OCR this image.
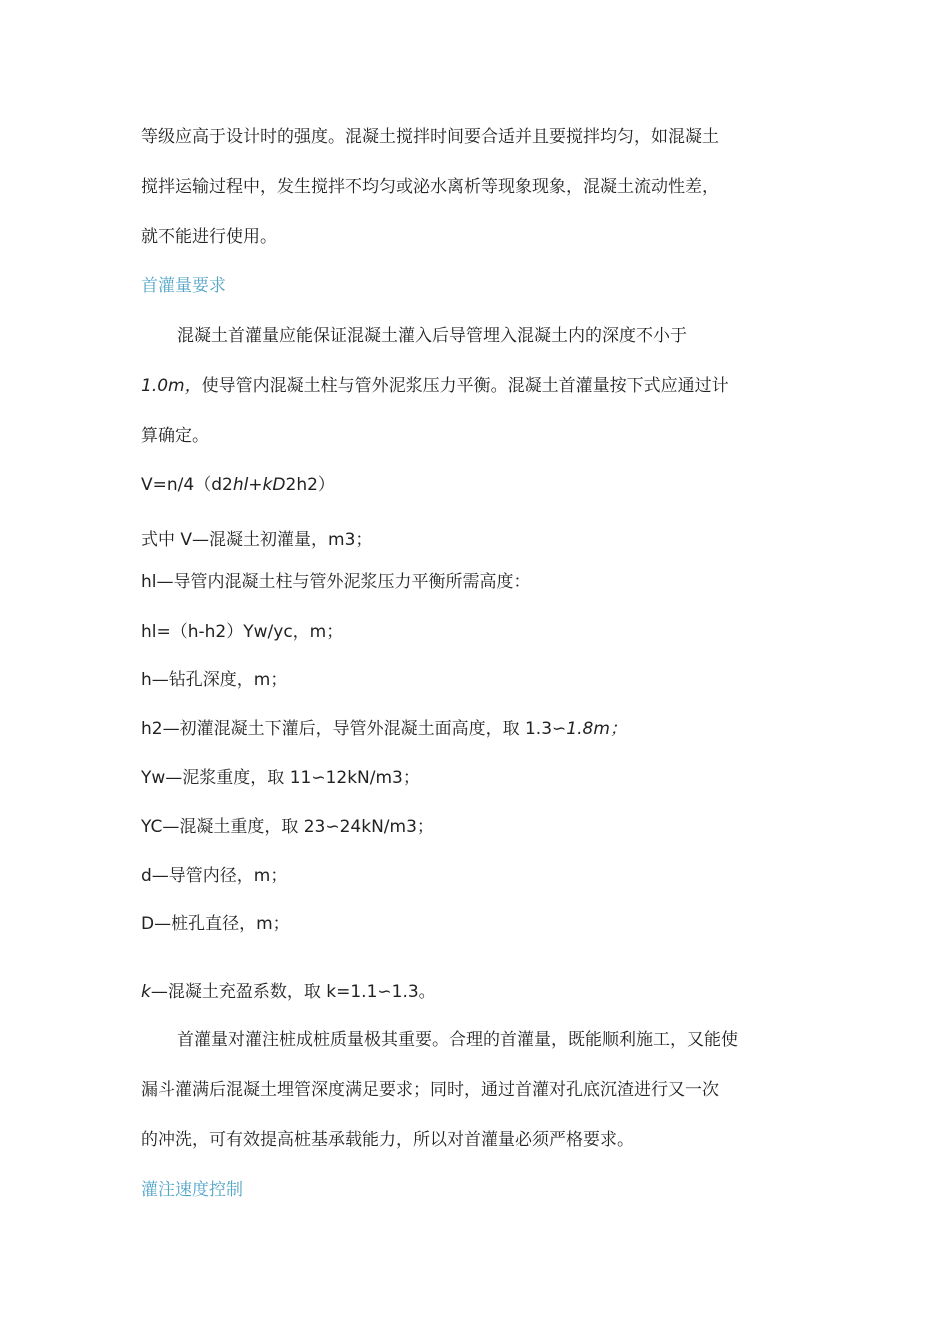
等级应高于设计时的强度。混凝土搅拌时间要合适并且要搅拌均匀，如混凝土
搅拌运输过程中，发生搅拌不均匀或泌水离析等现象现象，混凝土流动性差，
就不能进行使用。
首灌量要求
混凝土首灌量应能保证混凝土灌入后导管埋入混凝土内的深度不小于
1.0m，使导管内混凝土柱与管外泥浆压力平衡。混凝土首灌量按下式应通过计
算确定。
V=n/4（d2hl+kD2h2）
式中 V—混凝土初灌量，m3；
hl—导管内混凝土柱与管外泥浆压力平衡所需高度：
hl=（h-h2）Yw/yc，m；
h—钻孔深度，m；
h2—初灌混凝土下灌后，导管外混凝土面高度，取 1.3∽1.8m；
Yw—泥浆重度，取 11∽12kN/m3；
YC—混凝土重度，取 23∽24kN/m3；
d—导管内径，m；
D—桩孔直径，m；
k—混凝土充盈系数，取 k=1.1∽1.3。
首灌量对灌注桩成桩质量极其重要。合理的首灌量，既能顺利施工，又能使
漏斗灌满后混凝土埋管深度满足要求；同时，通过首灌对孔底沉渣进行又一次
的冲洗，可有效提高桩基承载能力，所以对首灌量必须严格要求。
灌注速度控制
